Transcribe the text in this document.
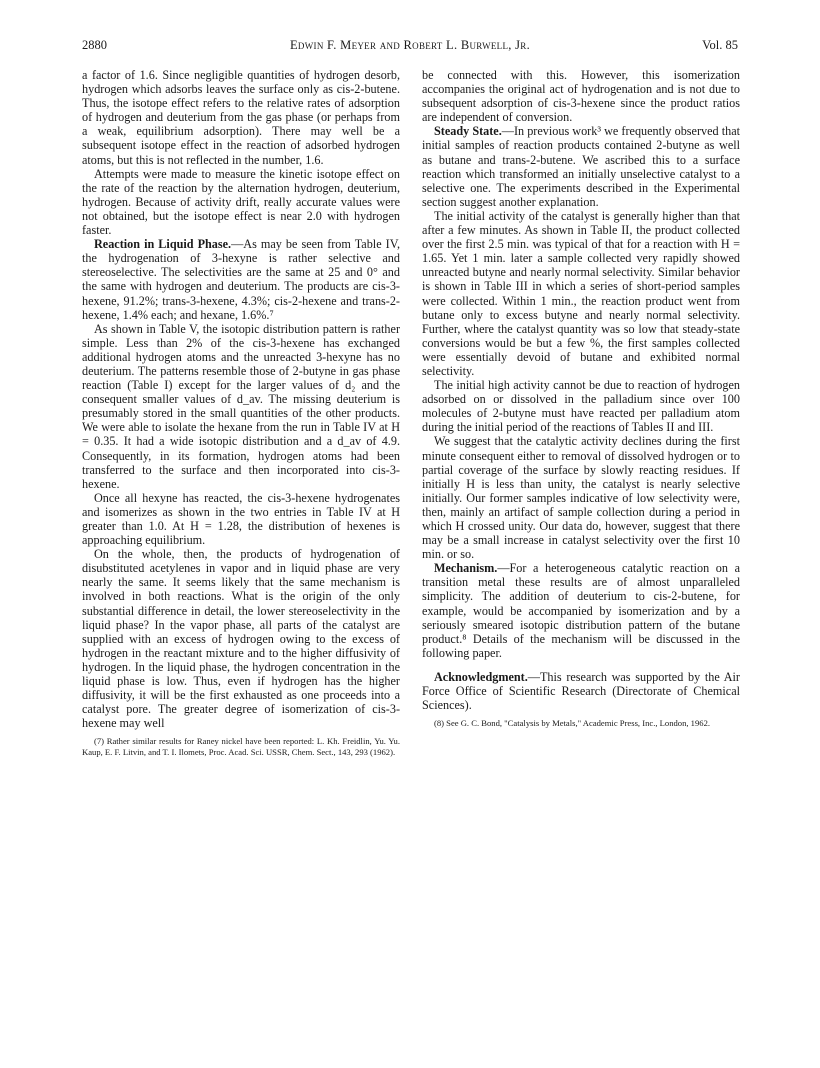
2880	Edwin F. Meyer and Robert L. Burwell, Jr.	Vol. 85

a factor of 1.6. Since negligible quantities of hydrogen desorb, hydrogen which adsorbs leaves the surface only as cis-2-butene. Thus, the isotope effect refers to the relative rates of adsorption of hydrogen and deuterium from the gas phase (or perhaps from a weak, equilibrium adsorption). There may well be a subsequent isotope effect in the reaction of adsorbed hydrogen atoms, but this is not reflected in the number, 1.6.

Attempts were made to measure the kinetic isotope effect on the rate of the reaction by the alternation hydrogen, deuterium, hydrogen. Because of activity drift, really accurate values were not obtained, but the isotope effect is near 2.0 with hydrogen faster.

Reaction in Liquid Phase.—As may be seen from Table IV, the hydrogenation of 3-hexyne is rather selective and stereoselective. The selectivities are the same at 25 and 0° and the same with hydrogen and deuterium. The products are cis-3-hexene, 91.2%; trans-3-hexene, 4.3%; cis-2-hexene and trans-2-hexene, 1.4% each; and hexane, 1.6%.⁷

As shown in Table V, the isotopic distribution pattern is rather simple. Less than 2% of the cis-3-hexene has exchanged additional hydrogen atoms and the unreacted 3-hexyne has no deuterium. The patterns resemble those of 2-butyne in gas phase reaction (Table I) except for the larger values of d₂ and the consequent smaller values of d_av. The missing deuterium is presumably stored in the small quantities of the other products. We were able to isolate the hexane from the run in Table IV at H = 0.35. It had a wide isotopic distribution and a d_av of 4.9. Consequently, in its formation, hydrogen atoms had been transferred to the surface and then incorporated into cis-3-hexene.

Once all hexyne has reacted, the cis-3-hexene hydrogenates and isomerizes as shown in the two entries in Table IV at H greater than 1.0. At H = 1.28, the distribution of hexenes is approaching equilibrium.

On the whole, then, the products of hydrogenation of disubstituted acetylenes in vapor and in liquid phase are very nearly the same. It seems likely that the same mechanism is involved in both reactions. What is the origin of the only substantial difference in detail, the lower stereoselectivity in the liquid phase? In the vapor phase, all parts of the catalyst are supplied with an excess of hydrogen owing to the excess of hydrogen in the reactant mixture and to the higher diffusivity of hydrogen. In the liquid phase, the hydrogen concentration in the liquid phase is low. Thus, even if hydrogen has the higher diffusivity, it will be the first exhausted as one proceeds into a catalyst pore. The greater degree of isomerization of cis-3-hexene may well

(7) Rather similar results for Raney nickel have been reported: L. Kh. Freidlin, Yu. Yu. Kaup, E. F. Litvin, and T. I. Ilomets, Proc. Acad. Sci. USSR, Chem. Sect., 143, 293 (1962).

be connected with this. However, this isomerization accompanies the original act of hydrogenation and is not due to subsequent adsorption of cis-3-hexene since the product ratios are independent of conversion.

Steady State.—In previous work³ we frequently observed that initial samples of reaction products contained 2-butyne as well as butane and trans-2-butene. We ascribed this to a surface reaction which transformed an initially unselective catalyst to a selective one. The experiments described in the Experimental section suggest another explanation.

The initial activity of the catalyst is generally higher than that after a few minutes. As shown in Table II, the product collected over the first 2.5 min. was typical of that for a reaction with H = 1.65. Yet 1 min. later a sample collected very rapidly showed unreacted butyne and nearly normal selectivity. Similar behavior is shown in Table III in which a series of short-period samples were collected. Within 1 min., the reaction product went from butane only to excess butyne and nearly normal selectivity. Further, where the catalyst quantity was so low that steady-state conversions would be but a few %, the first samples collected were essentially devoid of butane and exhibited normal selectivity.

The initial high activity cannot be due to reaction of hydrogen adsorbed on or dissolved in the palladium since over 100 molecules of 2-butyne must have reacted per palladium atom during the initial period of the reactions of Tables II and III.

We suggest that the catalytic activity declines during the first minute consequent either to removal of dissolved hydrogen or to partial coverage of the surface by slowly reacting residues. If initially H is less than unity, the catalyst is nearly selective initially. Our former samples indicative of low selectivity were, then, mainly an artifact of sample collection during a period in which H crossed unity. Our data do, however, suggest that there may be a small increase in catalyst selectivity over the first 10 min. or so.

Mechanism.—For a heterogeneous catalytic reaction on a transition metal these results are of almost unparalleled simplicity. The addition of deuterium to cis-2-butene, for example, would be accompanied by isomerization and by a seriously smeared isotopic distribution pattern of the butane product.⁸ Details of the mechanism will be discussed in the following paper.

Acknowledgment.—This research was supported by the Air Force Office of Scientific Research (Directorate of Chemical Sciences).

(8) See G. C. Bond, "Catalysis by Metals," Academic Press, Inc., London, 1962.
